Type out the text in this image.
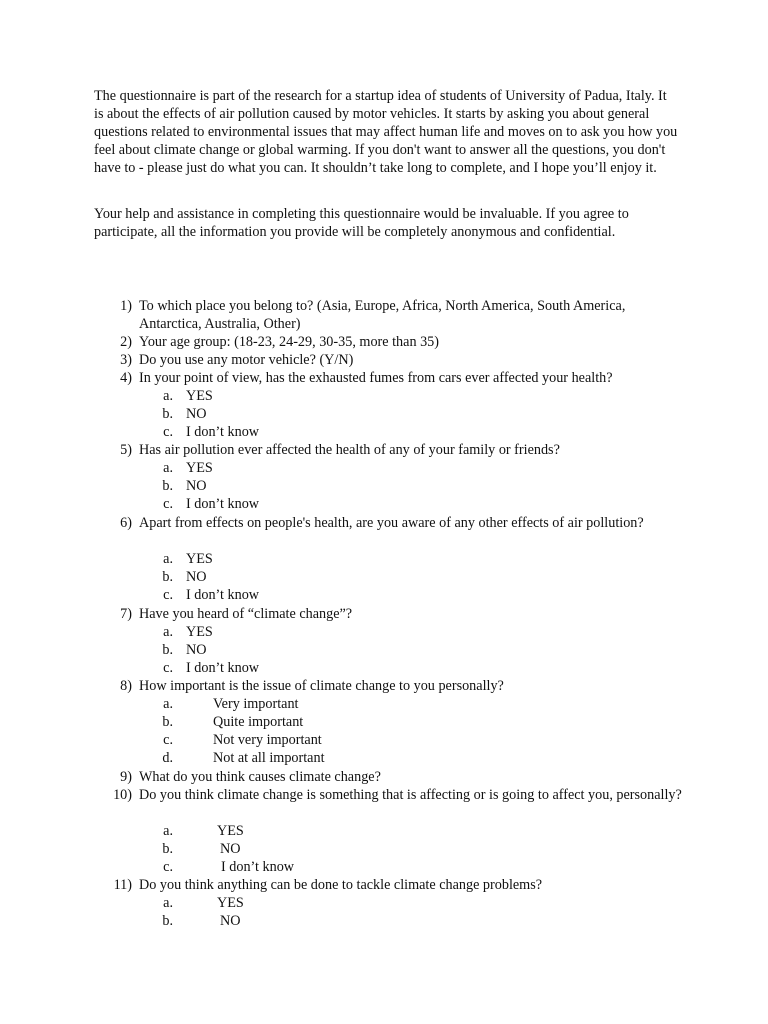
The questionnaire is part of the research for a startup idea of students of University of Padua, Italy. It is about the effects of air pollution caused by motor vehicles. It starts by asking you about general questions related to environmental issues that may affect human life and moves on to ask you how you feel about climate change or global warming. If you don't want to answer all the questions, you don't have to - please just do what you can. It shouldn’t take long to complete, and I hope you’ll enjoy it.

Your help and assistance in completing this questionnaire would be invaluable. If you agree to participate, all the information you provide will be completely anonymous and confidential.

1) To which place you belong to? (Asia, Europe, Africa, North America, South America, Antarctica, Australia, Other)
2) Your age group: (18-23, 24-29, 30-35, more than 35)
3) Do you use any motor vehicle? (Y/N)
4) In your point of view, has the exhausted fumes from cars ever affected your health?
a. YES
b. NO
c. I don’t know
5) Has air pollution ever affected the health of any of your family or friends?
a. YES
b. NO
c. I don’t know
6) Apart from effects on people's health, are you aware of any other effects of air pollution?
a. YES
b. NO
c. I don’t know
7) Have you heard of “climate change”?
a. YES
b. NO
c. I don’t know
8) How important is the issue of climate change to you personally?
a.	Very important
b.	Quite important
c.	Not very important
d.	Not at all important
9) What do you think causes climate change?
10) Do you think climate change is something that is affecting or is going to affect you, personally?
a.	YES
b.	NO
c.	I don’t know
11) Do you think anything can be done to tackle climate change problems?
a.	YES
b.	NO
